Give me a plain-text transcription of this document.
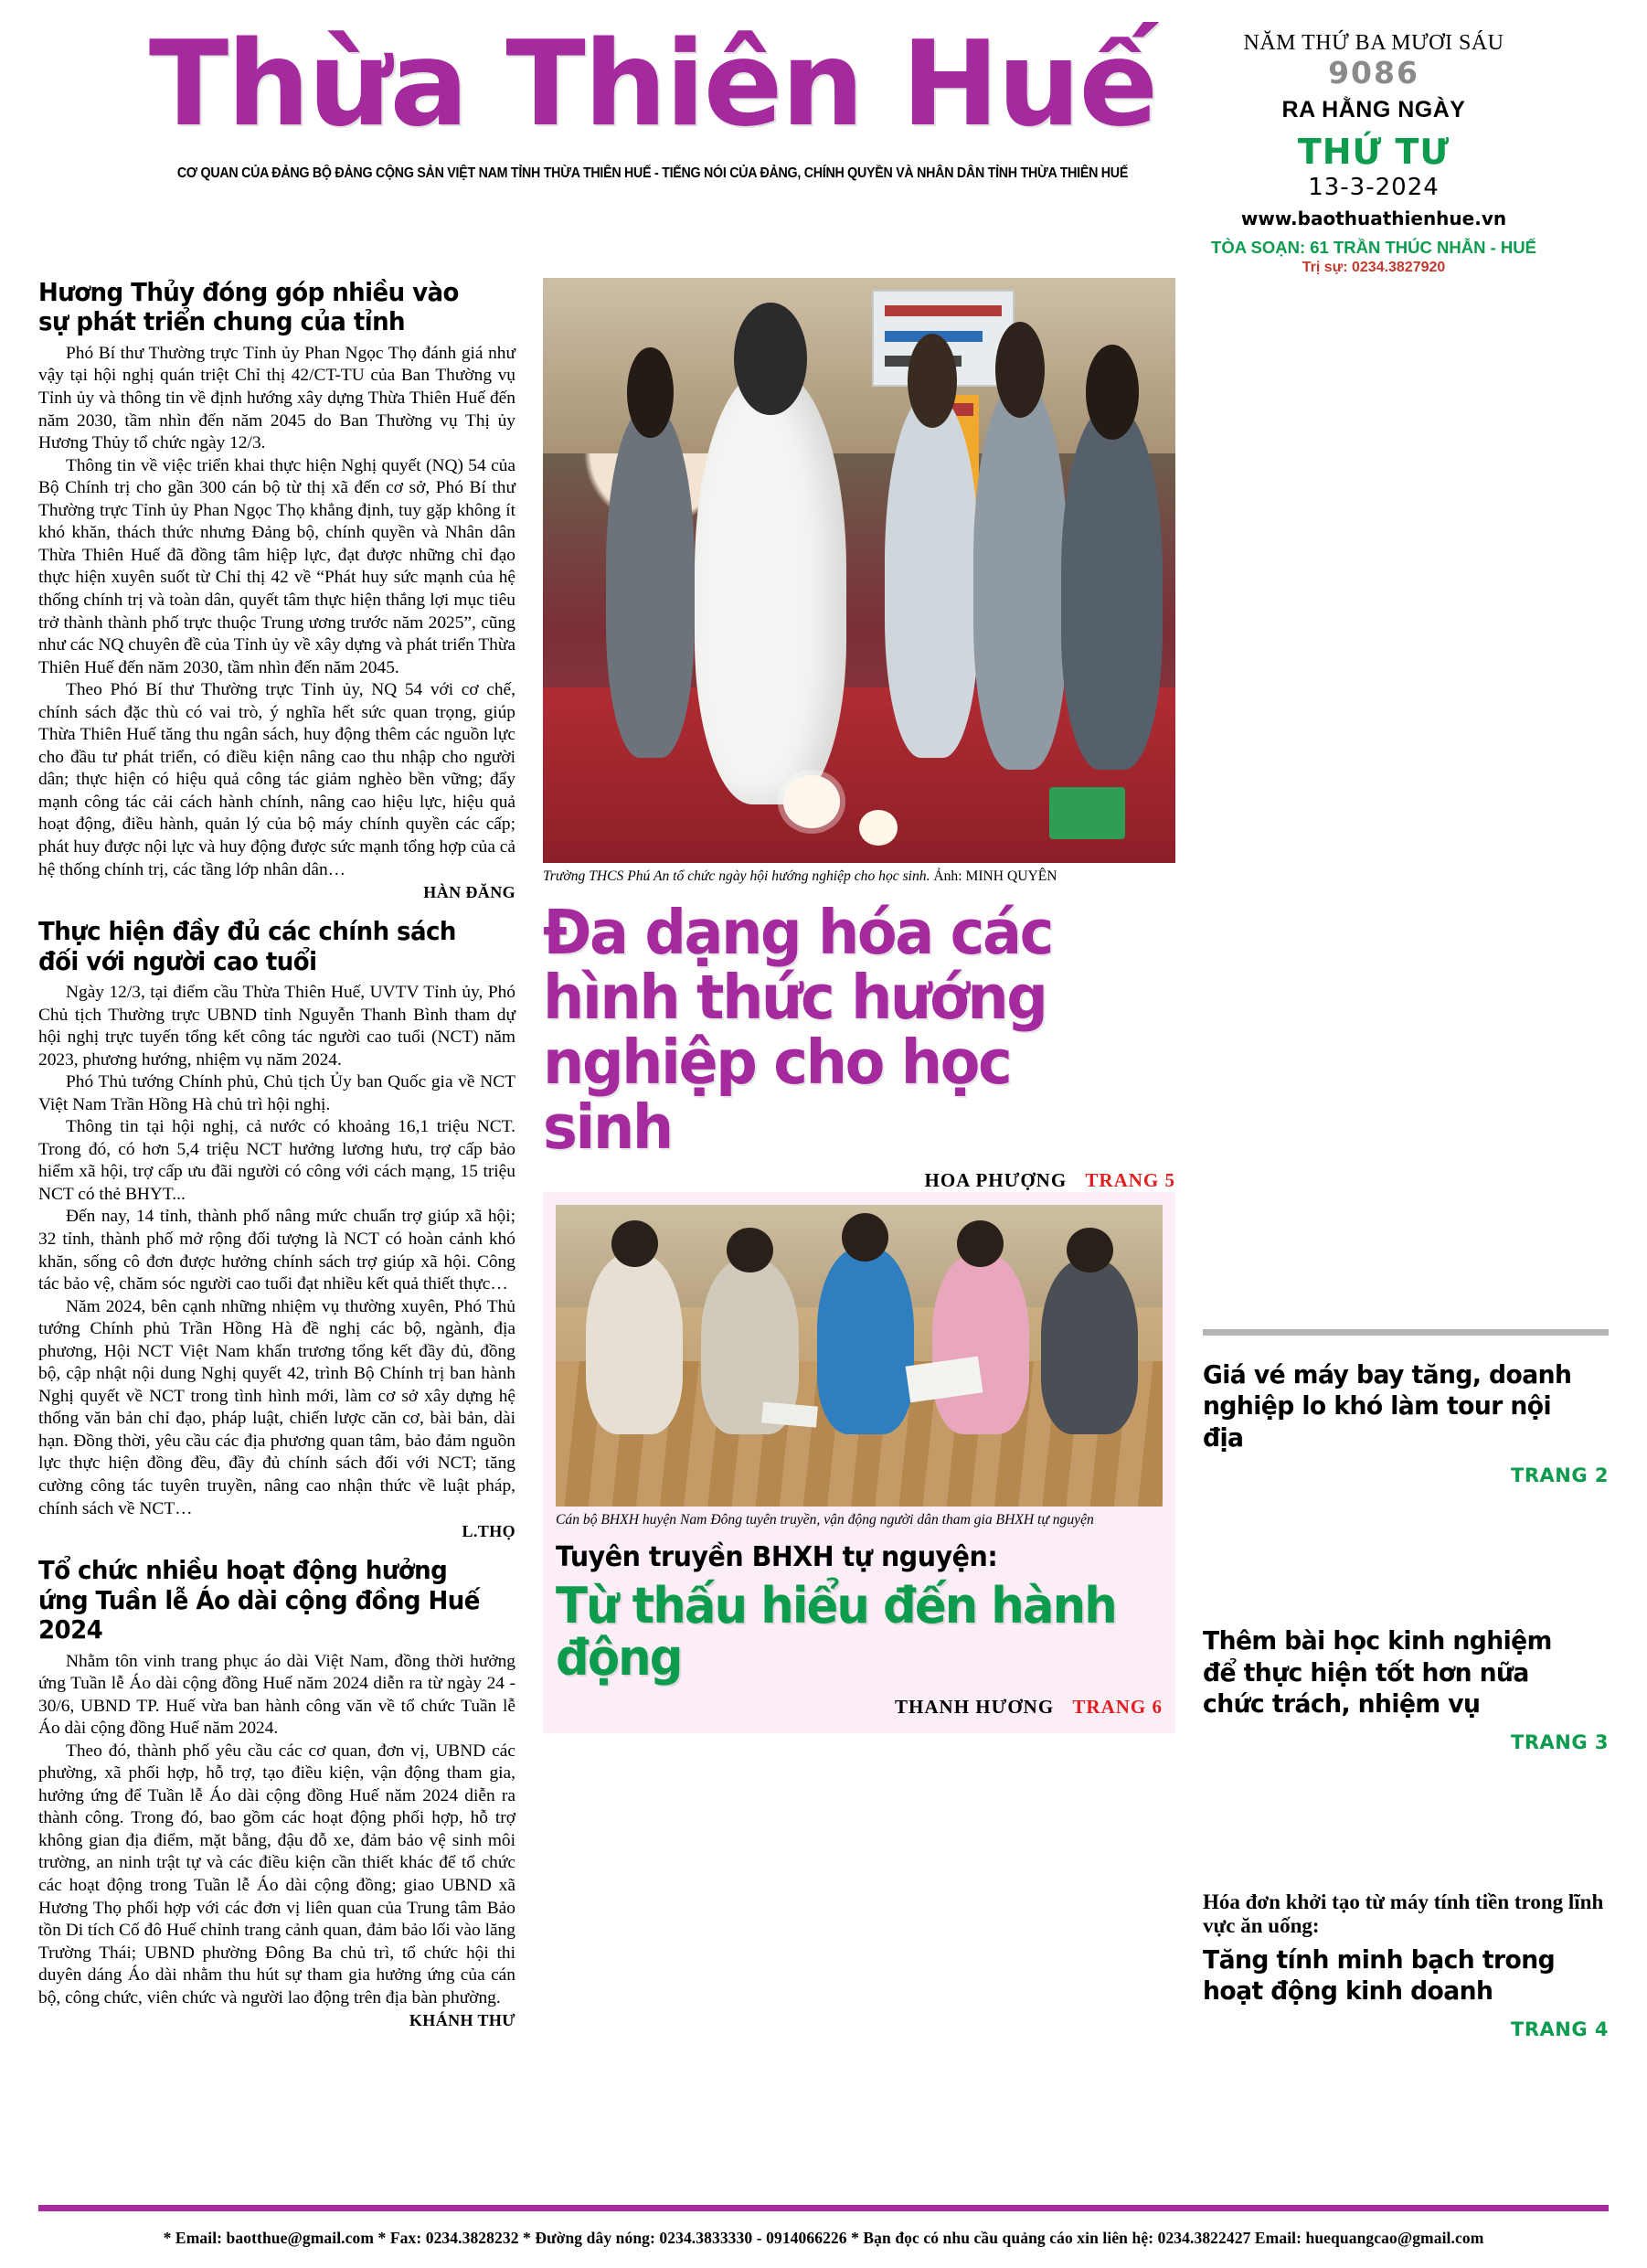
Thừa Thiên Huế
CƠ QUAN CỦA ĐẢNG BỘ ĐẢNG CỘNG SẢN VIỆT NAM TỈNH THỪA THIÊN HUẾ - TIẾNG NÓI CỦA ĐẢNG, CHÍNH QUYỀN VÀ NHÂN DÂN TỈNH THỪA THIÊN HUẾ
NĂM THỨ BA MƯƠI SÁU
9086
RA HẰNG NGÀY
THỨ TƯ
13-3-2024
www.baothuathienhue.vn
TÒA SOẠN: 61 TRẦN THÚC NHẪN - HUẾ
Trị sự: 0234.3827920
Hương Thủy đóng góp nhiều vào sự phát triển chung của tỉnh

Phó Bí thư Thường trực Tỉnh ủy Phan Ngọc Thọ đánh giá như vậy tại hội nghị quán triệt Chỉ thị 42/CT-TU của Ban Thường vụ Tỉnh ủy và thông tin về định hướng xây dựng Thừa Thiên Huế đến năm 2030, tầm nhìn đến năm 2045 do Ban Thường vụ Thị ủy Hương Thủy tổ chức ngày 12/3.

Thông tin về việc triển khai thực hiện Nghị quyết (NQ) 54 của Bộ Chính trị cho gần 300 cán bộ từ thị xã đến cơ sở, Phó Bí thư Thường trực Tỉnh ủy Phan Ngọc Thọ khẳng định, tuy gặp không ít khó khăn, thách thức nhưng Đảng bộ, chính quyền và Nhân dân Thừa Thiên Huế đã đồng tâm hiệp lực, đạt được những chỉ đạo thực hiện xuyên suốt từ Chỉ thị 42 về “Phát huy sức mạnh của hệ thống chính trị và toàn dân, quyết tâm thực hiện thắng lợi mục tiêu trở thành thành phố trực thuộc Trung ương trước năm 2025”, cũng như các NQ chuyên đề của Tỉnh ủy về xây dựng và phát triển Thừa Thiên Huế đến năm 2030, tầm nhìn đến năm 2045.

Theo Phó Bí thư Thường trực Tỉnh ủy, NQ 54 với cơ chế, chính sách đặc thù có vai trò, ý nghĩa hết sức quan trọng, giúp Thừa Thiên Huế tăng thu ngân sách, huy động thêm các nguồn lực cho đầu tư phát triển, có điều kiện nâng cao thu nhập cho người dân; thực hiện có hiệu quả công tác giảm nghèo bền vững; đẩy mạnh công tác cải cách hành chính, nâng cao hiệu lực, hiệu quả hoạt động, điều hành, quản lý của bộ máy chính quyền các cấp; phát huy được nội lực và huy động được sức mạnh tổng hợp của cả hệ thống chính trị, các tầng lớp nhân dân…

HÀN ĐĂNG
Thực hiện đầy đủ các chính sách đối với người cao tuổi

Ngày 12/3, tại điểm cầu Thừa Thiên Huế, UVTV Tỉnh ủy, Phó Chủ tịch Thường trực UBND tỉnh Nguyễn Thanh Bình tham dự hội nghị trực tuyến tổng kết công tác người cao tuổi (NCT) năm 2023, phương hướng, nhiệm vụ năm 2024.

Phó Thủ tướng Chính phủ, Chủ tịch Ủy ban Quốc gia về NCT Việt Nam Trần Hồng Hà chủ trì hội nghị.

Thông tin tại hội nghị, cả nước có khoảng 16,1 triệu NCT. Trong đó, có hơn 5,4 triệu NCT hưởng lương hưu, trợ cấp bảo hiểm xã hội, trợ cấp ưu đãi người có công với cách mạng, 15 triệu NCT có thẻ BHYT...

Đến nay, 14 tỉnh, thành phố nâng mức chuẩn trợ giúp xã hội; 32 tỉnh, thành phố mở rộng đối tượng là NCT có hoàn cảnh khó khăn, sống cô đơn được hưởng chính sách trợ giúp xã hội. Công tác bảo vệ, chăm sóc người cao tuổi đạt nhiều kết quả thiết thực…

Năm 2024, bên cạnh những nhiệm vụ thường xuyên, Phó Thủ tướng Chính phủ Trần Hồng Hà đề nghị các bộ, ngành, địa phương, Hội NCT Việt Nam khẩn trương tổng kết đầy đủ, đồng bộ, cập nhật nội dung Nghị quyết 42, trình Bộ Chính trị ban hành Nghị quyết về NCT trong tình hình mới, làm cơ sở xây dựng hệ thống văn bản chỉ đạo, pháp luật, chiến lược căn cơ, bài bản, dài hạn. Đồng thời, yêu cầu các địa phương quan tâm, bảo đảm nguồn lực thực hiện đồng đều, đầy đủ chính sách đối với NCT; tăng cường công tác tuyên truyền, nâng cao nhận thức về luật pháp, chính sách về NCT…

L.THỌ
Tổ chức nhiều hoạt động hưởng ứng Tuần lễ Áo dài cộng đồng Huế 2024

Nhằm tôn vinh trang phục áo dài Việt Nam, đồng thời hưởng ứng Tuần lễ Áo dài cộng đồng Huế năm 2024 diễn ra từ ngày 24 - 30/6, UBND TP. Huế vừa ban hành công văn về tổ chức Tuần lễ Áo dài cộng đồng Huế năm 2024.

Theo đó, thành phố yêu cầu các cơ quan, đơn vị, UBND các phường, xã phối hợp, hỗ trợ, tạo điều kiện, vận động tham gia, hưởng ứng để Tuần lễ Áo dài cộng đồng Huế năm 2024 diễn ra thành công. Trong đó, bao gồm các hoạt động phối hợp, hỗ trợ không gian địa điểm, mặt bằng, đậu đỗ xe, đảm bảo vệ sinh môi trường, an ninh trật tự và các điều kiện cần thiết khác để tổ chức các hoạt động trong Tuần lễ Áo dài cộng đồng; giao UBND xã Hương Thọ phối hợp với các đơn vị liên quan của Trung tâm Bảo tồn Di tích Cố đô Huế chỉnh trang cảnh quan, đảm bảo lối vào lăng Trường Thái; UBND phường Đông Ba chủ trì, tổ chức hội thi duyên dáng Áo dài nhằm thu hút sự tham gia hưởng ứng của cán bộ, công chức, viên chức và người lao động trên địa bàn phường.

KHÁNH THƯ
Trường THCS Phú An tổ chức ngày hội hướng nghiệp cho học sinh. Ảnh: MINH QUYÊN
Đa dạng hóa các hình thức hướng nghiệp cho học sinh
HOA PHƯỢNG TRANG 5
Cán bộ BHXH huyện Nam Đông tuyên truyền, vận động người dân tham gia BHXH tự nguyện
Tuyên truyền BHXH tự nguyện:
Từ thấu hiểu đến hành động
THANH HƯƠNG TRANG 6
Giá vé máy bay tăng, doanh nghiệp lo khó làm tour nội địa
TRANG 2
Thêm bài học kinh nghiệm để thực hiện tốt hơn nữa chức trách, nhiệm vụ
TRANG 3
Hóa đơn khởi tạo từ máy tính tiền trong lĩnh vực ăn uống:
Tăng tính minh bạch trong hoạt động kinh doanh
TRANG 4
* Email: baotthue@gmail.com * Fax: 0234.3828232 * Đường dây nóng: 0234.3833330 - 0914066226 * Bạn đọc có nhu cầu quảng cáo xin liên hệ: 0234.3822427 Email: huequangcao@gmail.com
